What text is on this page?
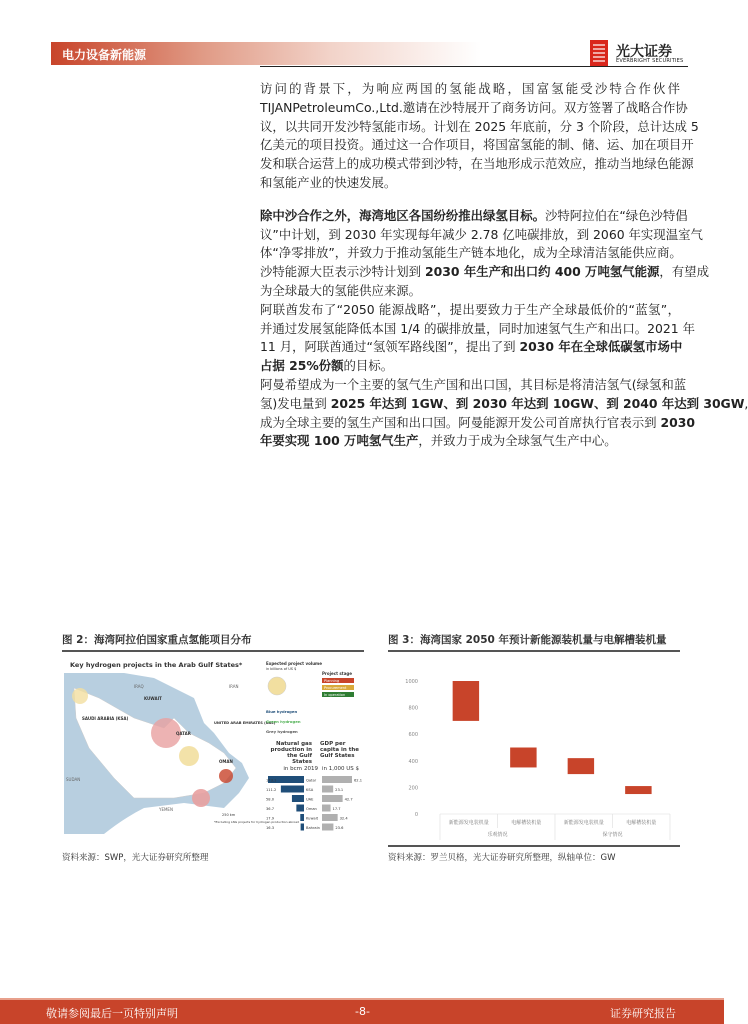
电力设备新能源	光大证券
EVERBRIGHT SECURITIES
访问的背景下，为响应两国的氢能战略，国富氢能受沙特合作伙伴
TIJANPetroleumCo.,Ltd.邀请在沙特展开了商务访问。双方签署了战略合作协
议，以共同开发沙特氢能市场。计划在 2025 年底前，分 3 个阶段，总计达成 5
亿美元的项目投资。通过这一合作项目，将国富氢能的制、储、运、加在项目开
发和联合运营上的成功模式带到沙特，在当地形成示范效应，推动当地绿色能源
和氢能产业的快速发展。
除中沙合作之外，海湾地区各国纷纷推出绿氢目标。沙特阿拉伯在“绿色沙特倡
议”中计划，到 2030 年实现每年减少 2.78 亿吨碳排放，到 2060 年实现温室气
体“净零排放”，并致力于推动氢能生产链本地化，成为全球清洁氢能供应商。
沙特能源大臣表示沙特计划到 2030 年生产和出口约 400 万吨氢气能源，有望成
为全球最大的氢能供应来源。
阿联酋发布了“2050 能源战略”，提出要致力于生产全球最低价的“蓝氢”，
并通过发展氢能降低本国 1/4 的碳排放量，同时加速氢气生产和出口。2021 年
11 月，阿联酋通过“氢领军路线图”，提出了到 2030 年在全球低碳氢市场中
占据 25%份额的目标。
阿曼希望成为一个主要的氢气生产国和出口国，其目标是将清洁氢气(绿氢和蓝
氢)发电量到 2025 年达到 1GW、到 2030 年达到 10GW、到 2040 年达到 30GW,
成为全球主要的氢生产国和出口国。阿曼能源开发公司首席执行官表示到 2030
年要实现 100 万吨氢气生产，并致力于成为全球氢气生产中心。
图 2：海湾阿拉伯国家重点氢能项目分布
Key hydrogen projects in the Arab Gulf States*
IRAQ	IRAN
KUWAIT
SAUDI ARABIA (KSA)
QATAR
UNITED ARAB EMIRATES (UAE)
OMAN
SUDAN
YEMEN
250 km
*Excluding LNG projects for hydrogen production abroad
Expected project volume
in billions of US $
Project stage
Planning
Procurement
In operation
Blue hydrogen
Green hydrogen
Grey hydrogen
173.1	Qatar	62.1
111.2	KSA	23.1
58.0	UAE	42.7
36.7	Oman	17.7
17.9	Kuwait	32.4
16.3	Bahrain	23.6
Natural gas production in the Gulf States
GDP per capita in the Gulf States
in bcm 2019 in 1,000 US $
资料来源：SWP，光大证券研究所整理
图 3：海湾国家 2050 年预计新能源装机量与电解槽装机量
0
200
400
600
800
1000
新能源发电装机量	电解槽装机量	新能源发电装机量	电解槽装机量
乐观情况	保守情况
资料来源：罗兰贝格，光大证券研究所整理，纵轴单位：GW
敬请参阅最后一页特别声明	-8-	证券研究报告
